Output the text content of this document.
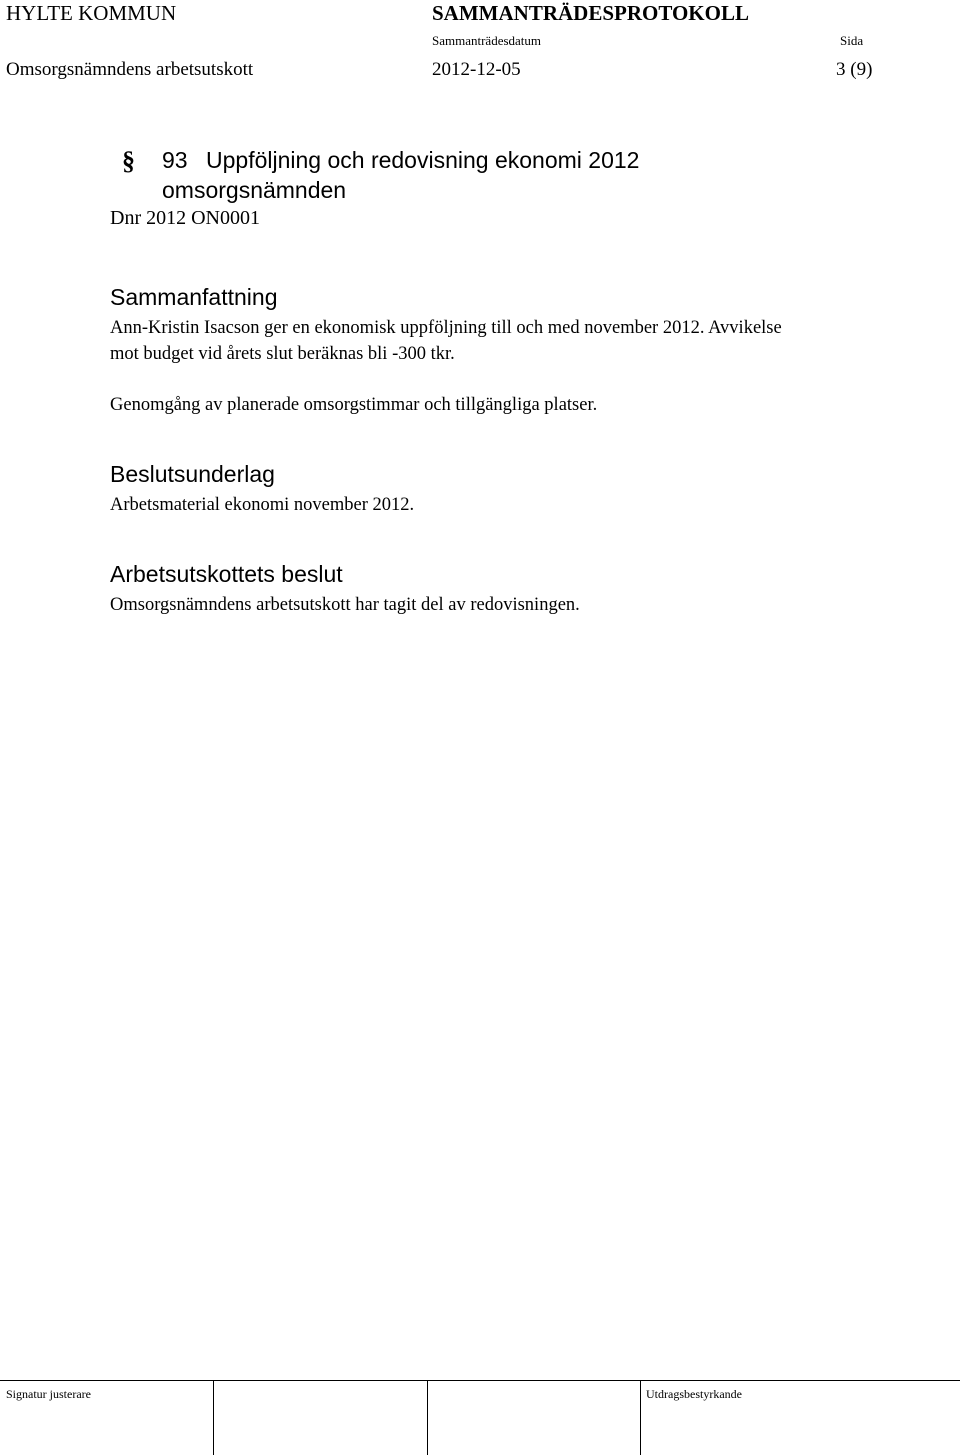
HYLTE KOMMUN	SAMMANTRÄDESPROTOKOLL
Sammanträdesdatum	Sida
Omsorgsnämndens arbetsutskott	2012-12-05	3 (9)
§ 93 Uppföljning och redovisning ekonomi 2012
omsorgsnämnden
Dnr 2012 ON0001
Sammanfattning
Ann-Kristin Isacson ger en ekonomisk uppföljning till och med november 2012. Avvikelse
mot budget vid årets slut beräknas bli -300 tkr.
Genomgång av planerade omsorgstimmar och tillgängliga platser.
Beslutsunderlag
Arbetsmaterial ekonomi november 2012.
Arbetsutskottets beslut
Omsorgsnämndens arbetsutskott har tagit del av redovisningen.
Signatur justerare	Utdragsbestyrkande
